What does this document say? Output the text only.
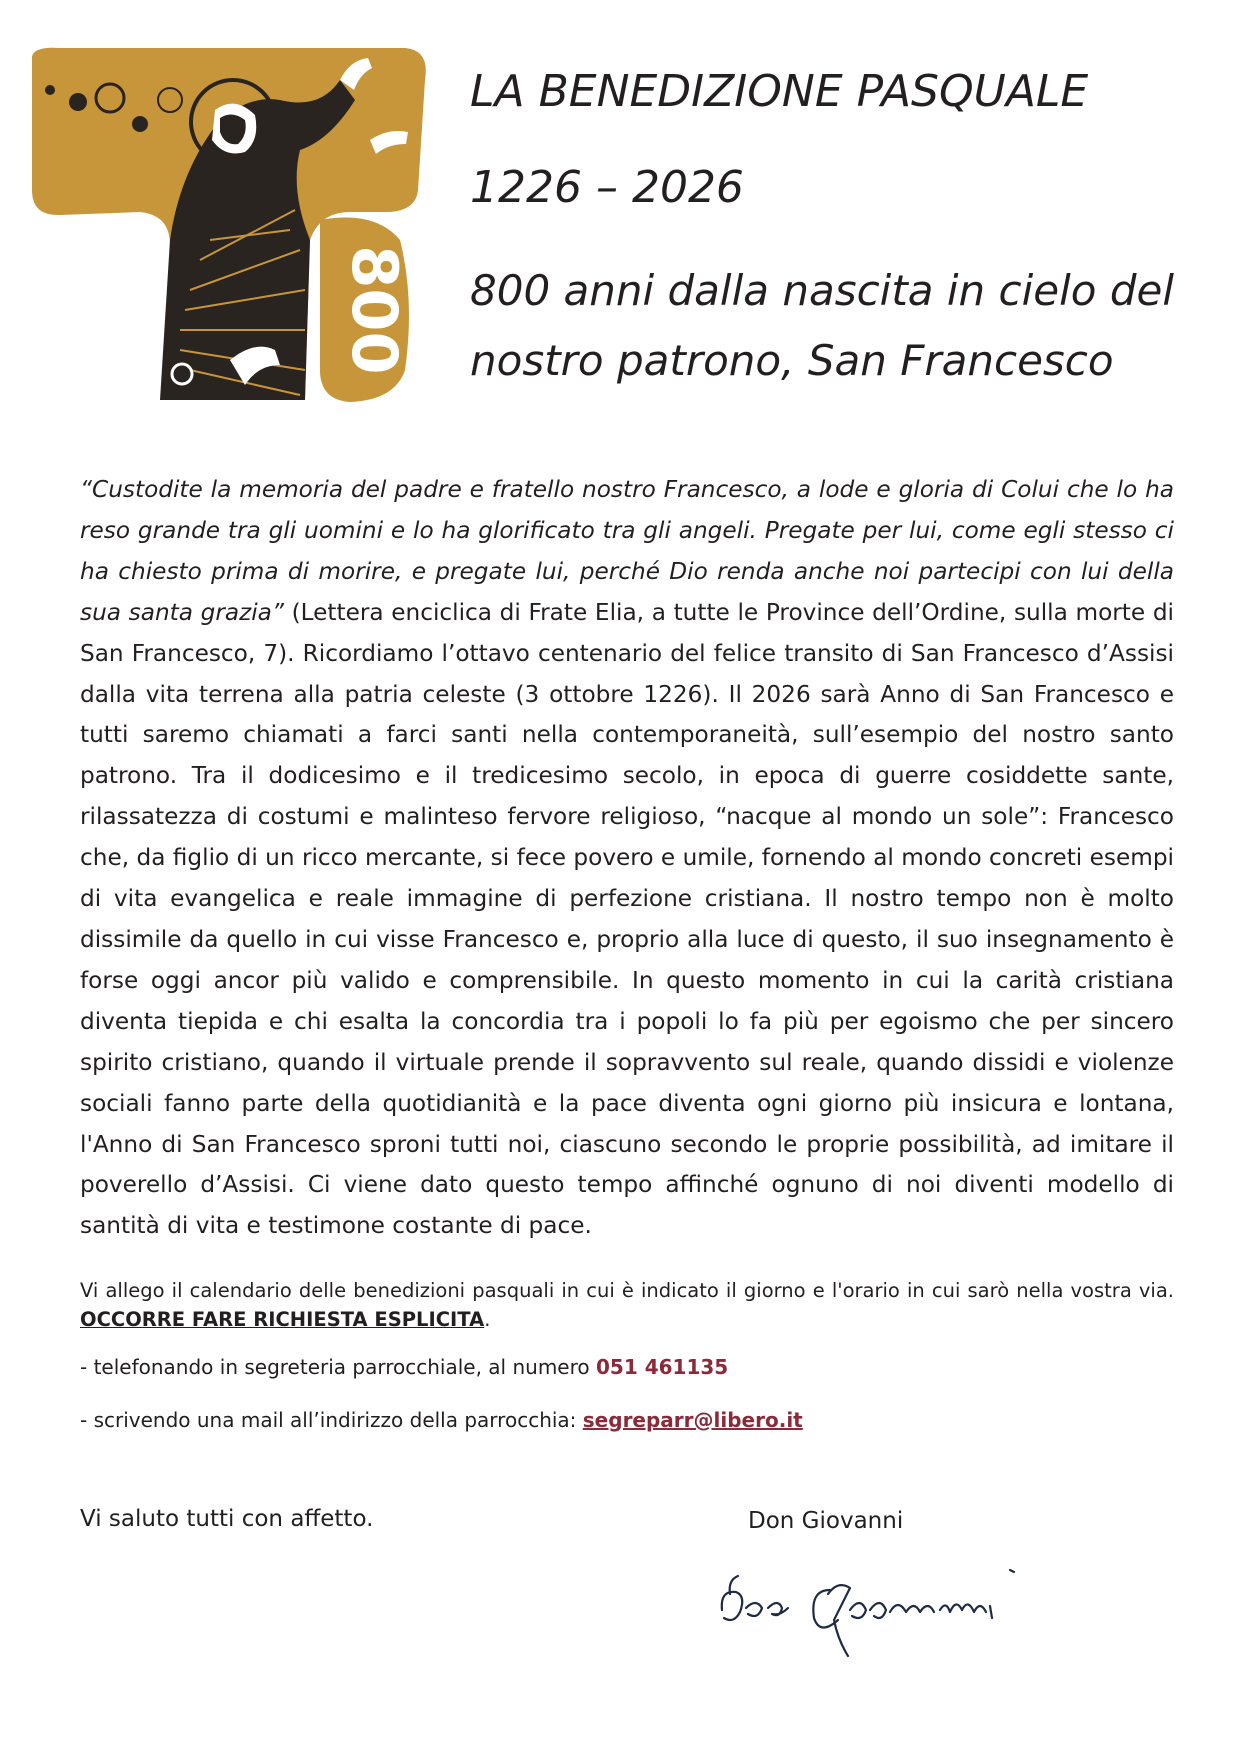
800
LA BENEDIZIONE PASQUALE
1226 – 2026
800 anni dalla nascita in cielo del nostro patrono, San Francesco

“Custodite la memoria del padre e fratello nostro Francesco, a lode e gloria di Colui che lo ha reso grande tra gli uomini e lo ha glorificato tra gli angeli. Pregate per lui, come egli stesso ci ha chiesto prima di morire, e pregate lui, perché Dio renda anche noi partecipi con lui della sua santa grazia” (Lettera enciclica di Frate Elia, a tutte le Province dell’Ordine, sulla morte di San Francesco, 7). Ricordiamo l’ottavo centenario del felice transito di San Francesco d’Assisi dalla vita terrena alla patria celeste (3 ottobre 1226). Il 2026 sarà Anno di San Francesco e tutti saremo chiamati a farci santi nella contemporaneità, sull’esempio del nostro santo patrono. Tra il dodicesimo e il tredicesimo secolo, in epoca di guerre cosiddette sante, rilassatezza di costumi e malinteso fervore religioso, “nacque al mondo un sole”: Francesco che, da figlio di un ricco mercante, si fece povero e umile, fornendo al mondo concreti esempi di vita evangelica e reale immagine di perfezione cristiana. Il nostro tempo non è molto dissimile da quello in cui visse Francesco e, proprio alla luce di questo, il suo insegnamento è forse oggi ancor più valido e comprensibile. In questo momento in cui la carità cristiana diventa tiepida e chi esalta la concordia tra i popoli lo fa più per egoismo che per sincero spirito cristiano, quando il virtuale prende il sopravvento sul reale, quando dissidi e violenze sociali fanno parte della quotidianità e la pace diventa ogni giorno più insicura e lontana, l'Anno di San Francesco sproni tutti noi, ciascuno secondo le proprie possibilità, ad imitare il poverello d’Assisi. Ci viene dato questo tempo affinché ognuno di noi diventi modello di santità di vita e testimone costante di pace.

Vi allego il calendario delle benedizioni pasquali in cui è indicato il giorno e l'orario in cui sarò nella vostra via. OCCORRE FARE RICHIESTA ESPLICITA.

- telefonando in segreteria parrocchiale, al numero 051 461135

- scrivendo una mail all’indirizzo della parrocchia: segreparr@libero.it

Vi saluto tutti con affetto.	Don Giovanni
